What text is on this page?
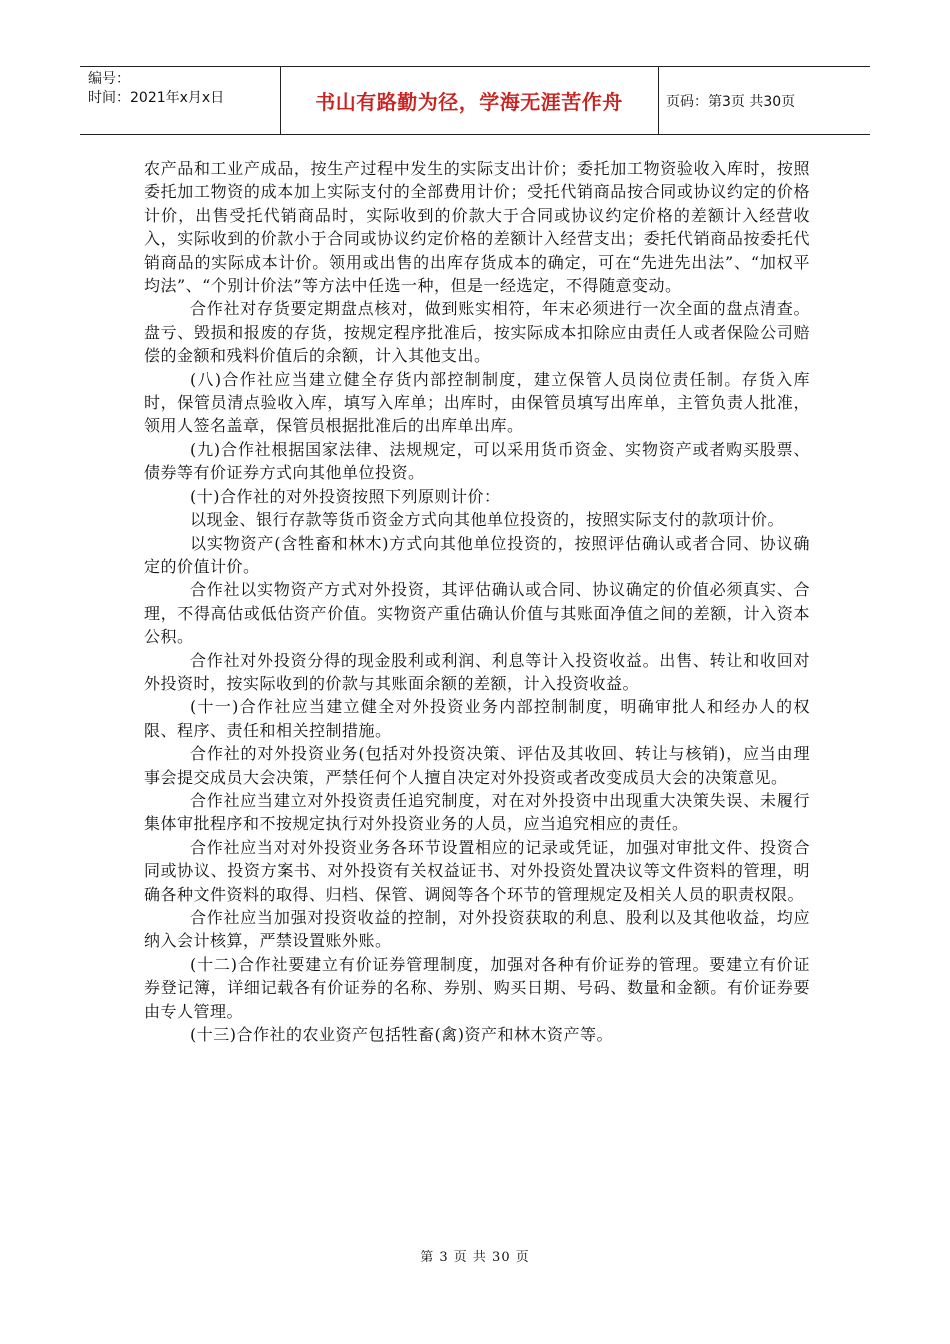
编号：
时间：2021年x月x日	书山有路勤为径，学海无涯苦作舟	页码：第3页 共30页

农产品和工业产成品，按生产过程中发生的实际支出计价；委托加工物资验收入库时，按照委托加工物资的成本加上实际支付的全部费用计价；受托代销商品按合同或协议约定的价格计价，出售受托代销商品时，实际收到的价款大于合同或协议约定价格的差额计入经营收入，实际收到的价款小于合同或协议约定价格的差额计入经营支出；委托代销商品按委托代销商品的实际成本计价。领用或出售的出库存货成本的确定，可在“先进先出法”、“加权平均法”、“个别计价法”等方法中任选一种，但是一经选定，不得随意变动。

合作社对存货要定期盘点核对，做到账实相符，年末必须进行一次全面的盘点清查。盘亏、毁损和报废的存货，按规定程序批准后，按实际成本扣除应由责任人或者保险公司赔偿的金额和残料价值后的余额，计入其他支出。

(八)合作社应当建立健全存货内部控制制度，建立保管人员岗位责任制。存货入库时，保管员清点验收入库，填写入库单；出库时，由保管员填写出库单，主管负责人批准，领用人签名盖章，保管员根据批准后的出库单出库。

(九)合作社根据国家法律、法规规定，可以采用货币资金、实物资产或者购买股票、债券等有价证券方式向其他单位投资。

(十)合作社的对外投资按照下列原则计价：

以现金、银行存款等货币资金方式向其他单位投资的，按照实际支付的款项计价。

以实物资产(含牲畜和林木)方式向其他单位投资的，按照评估确认或者合同、协议确定的价值计价。

合作社以实物资产方式对外投资，其评估确认或合同、协议确定的价值必须真实、合理，不得高估或低估资产价值。实物资产重估确认价值与其账面净值之间的差额，计入资本公积。

合作社对外投资分得的现金股利或利润、利息等计入投资收益。出售、转让和收回对外投资时，按实际收到的价款与其账面余额的差额，计入投资收益。

(十一)合作社应当建立健全对外投资业务内部控制制度，明确审批人和经办人的权限、程序、责任和相关控制措施。

合作社的对外投资业务(包括对外投资决策、评估及其收回、转让与核销)，应当由理事会提交成员大会决策，严禁任何个人擅自决定对外投资或者改变成员大会的决策意见。

合作社应当建立对外投资责任追究制度，对在对外投资中出现重大决策失误、未履行集体审批程序和不按规定执行对外投资业务的人员，应当追究相应的责任。

合作社应当对对外投资业务各环节设置相应的记录或凭证，加强对审批文件、投资合同或协议、投资方案书、对外投资有关权益证书、对外投资处置决议等文件资料的管理，明确各种文件资料的取得、归档、保管、调阅等各个环节的管理规定及相关人员的职责权限。

合作社应当加强对投资收益的控制，对外投资获取的利息、股利以及其他收益，均应纳入会计核算，严禁设置账外账。

(十二)合作社要建立有价证券管理制度，加强对各种有价证券的管理。要建立有价证券登记簿，详细记载各有价证券的名称、券别、购买日期、号码、数量和金额。有价证券要由专人管理。

(十三)合作社的农业资产包括牲畜(禽)资产和林木资产等。

第 3 页 共 30 页
